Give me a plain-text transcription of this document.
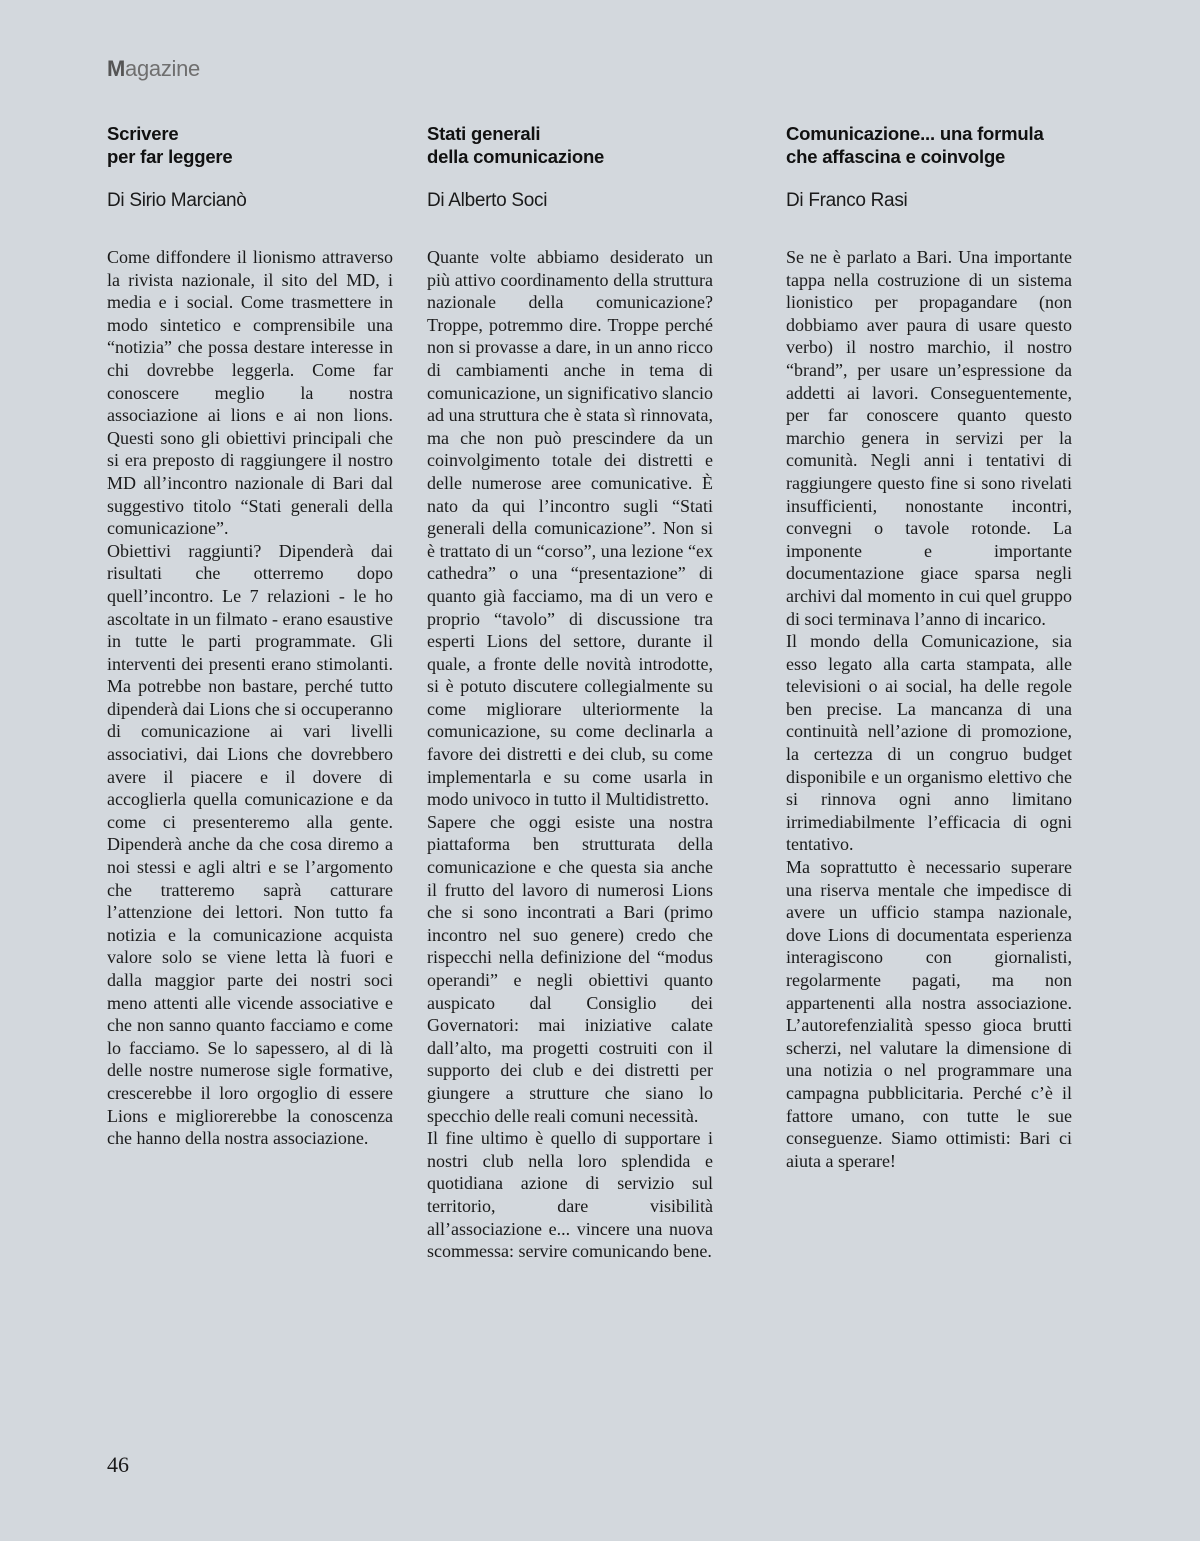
Magazine
Scrivere
per far leggere
Di Sirio Marcianò

Come diffondere il lionismo attraverso la rivista nazionale, il sito del MD, i media e i social. Come trasmettere in modo sintetico e comprensibile una “notizia” che possa destare interesse in chi dovrebbe leggerla. Come far conoscere meglio la nostra associazione ai lions e ai non lions. Questi sono gli obiettivi principali che si era preposto di raggiungere il nostro MD all’incontro nazionale di Bari dal suggestivo titolo “Stati generali della comunicazione”.

Obiettivi raggiunti? Dipenderà dai risultati che otterremo dopo quell’incontro. Le 7 relazioni - le ho ascoltate in un filmato - erano esaustive in tutte le parti programmate. Gli interventi dei presenti erano stimolanti. Ma potrebbe non bastare, perché tutto dipenderà dai Lions che si occuperanno di comunicazione ai vari livelli associativi, dai Lions che dovrebbero avere il piacere e il dovere di accoglierla quella comunicazione e da come ci presenteremo alla gente. Dipenderà anche da che cosa diremo a noi stessi e agli altri e se l’argomento che tratteremo saprà catturare l’attenzione dei lettori. Non tutto fa notizia e la comunicazione acquista valore solo se viene letta là fuori e dalla maggior parte dei nostri soci meno attenti alle vicende associative e che non sanno quanto facciamo e come lo facciamo. Se lo sapessero, al di là delle nostre numerose sigle formative, crescerebbe il loro orgoglio di essere Lions e migliorerebbe la conoscenza che hanno della nostra associazione.

Stati generali
della comunicazione
Di Alberto Soci

Quante volte abbiamo desiderato un più attivo coordinamento della struttura nazionale della comunicazione? Troppe, potremmo dire. Troppe perché non si provasse a dare, in un anno ricco di cambiamenti anche in tema di comunicazione, un significativo slancio ad una struttura che è stata sì rinnovata, ma che non può prescindere da un coinvolgimento totale dei distretti e delle numerose aree comunicative. È nato da qui l’incontro sugli “Stati generali della comunicazione”. Non si è trattato di un “corso”, una lezione “ex cathedra” o una “presentazione” di quanto già facciamo, ma di un vero e proprio “tavolo” di discussione tra esperti Lions del settore, durante il quale, a fronte delle novità introdotte, si è potuto discutere collegialmente su come migliorare ulteriormente la comunicazione, su come declinarla a favore dei distretti e dei club, su come implementarla e su come usarla in modo univoco in tutto il Multidistretto.

Sapere che oggi esiste una nostra piattaforma ben strutturata della comunicazione e che questa sia anche il frutto del lavoro di numerosi Lions che si sono incontrati a Bari (primo incontro nel suo genere) credo che rispecchi nella definizione del “modus operandi” e negli obiettivi quanto auspicato dal Consiglio dei Governatori: mai iniziative calate dall’alto, ma progetti costruiti con il supporto dei club e dei distretti per giungere a strutture che siano lo specchio delle reali comuni necessità.

Il fine ultimo è quello di supportare i nostri club nella loro splendida e quotidiana azione di servizio sul territorio, dare visibilità all’associazione e... vincere una nuova scommessa: servire comunicando bene.

Comunicazione... una formula
che affascina e coinvolge
Di Franco Rasi

Se ne è parlato a Bari. Una importante tappa nella costruzione di un sistema lionistico per propagandare (non dobbiamo aver paura di usare questo verbo) il nostro marchio, il nostro “brand”, per usare un’espressione da addetti ai lavori. Conseguentemente, per far conoscere quanto questo marchio genera in servizi per la comunità. Negli anni i tentativi di raggiungere questo fine si sono rivelati insufficienti, nonostante incontri, convegni o tavole rotonde. La imponente e importante documentazione giace sparsa negli archivi dal momento in cui quel gruppo di soci terminava l’anno di incarico.

Il mondo della Comunicazione, sia esso legato alla carta stampata, alle televisioni o ai social, ha delle regole ben precise. La mancanza di una continuità nell’azione di promozione, la certezza di un congruo budget disponibile e un organismo elettivo che si rinnova ogni anno limitano irrimediabilmente l’efficacia di ogni tentativo.

Ma soprattutto è necessario superare una riserva mentale che impedisce di avere un ufficio stampa nazionale, dove Lions di documentata esperienza interagiscono con giornalisti, regolarmente pagati, ma non appartenenti alla nostra associazione. L’autorefenzialità spesso gioca brutti scherzi, nel valutare la dimensione di una notizia o nel programmare una campagna pubblicitaria. Perché c’è il fattore umano, con tutte le sue conseguenze. Siamo ottimisti: Bari ci aiuta a sperare!

46
